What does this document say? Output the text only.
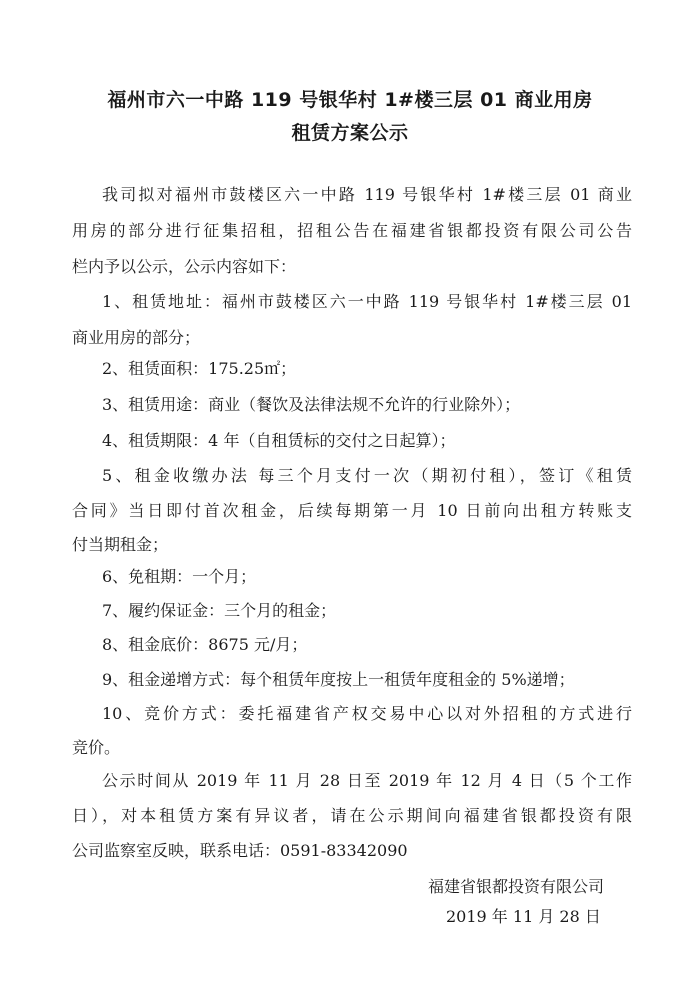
福州市六一中路 119 号银华村 1#楼三层 01 商业用房
租赁方案公示
我司拟对福州市鼓楼区六一中路 119 号银华村 1#楼三层 01 商业
用房的部分进行征集招租，招租公告在福建省银都投资有限公司公告
栏内予以公示，公示内容如下：
1、租赁地址：福州市鼓楼区六一中路 119 号银华村 1#楼三层 01
商业用房的部分；
2、租赁面积：175.25㎡；
3、租赁用途：商业（餐饮及法律法规不允许的行业除外）；
4、租赁期限：4 年（自租赁标的交付之日起算）；
5、租金收缴办法 每三个月支付一次（期初付租），签订《租赁
合同》当日即付首次租金，后续每期第一月 10 日前向出租方转账支
付当期租金；
6、免租期：一个月；
7、履约保证金：三个月的租金；
8、租金底价：8675 元/月；
9、租金递增方式：每个租赁年度按上一租赁年度租金的 5%递增；
10、竞价方式：委托福建省产权交易中心以对外招租的方式进行
竞价。
公示时间从 2019 年 11 月 28 日至 2019 年 12 月 4 日（5 个工作
日），对本租赁方案有异议者，请在公示期间向福建省银都投资有限
公司监察室反映，联系电话：0591-83342090
福建省银都投资有限公司
2019 年 11 月 28 日
